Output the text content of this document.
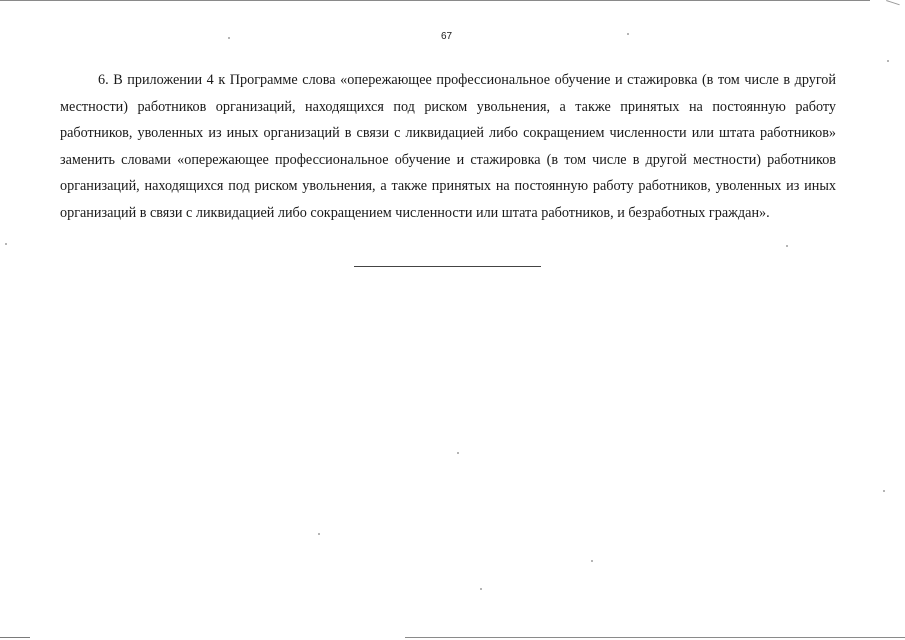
67

6. В приложении 4 к Программе слова «опережающее профессиональное обучение и стажировка (в том числе в другой местности) работников организаций, находящихся под риском увольнения, а также принятых на постоянную работу работников, уволенных из иных организаций в связи с ликвидацией либо сокращением численности или штата работников» заменить словами «опережающее профессиональное обучение и стажировка (в том числе в другой местности) работников организаций, находящихся под риском увольнения, а также принятых на постоянную работу работников, уволенных из иных организаций в связи с ликвидацией либо сокращением численности или штата работников, и безработных граждан».
